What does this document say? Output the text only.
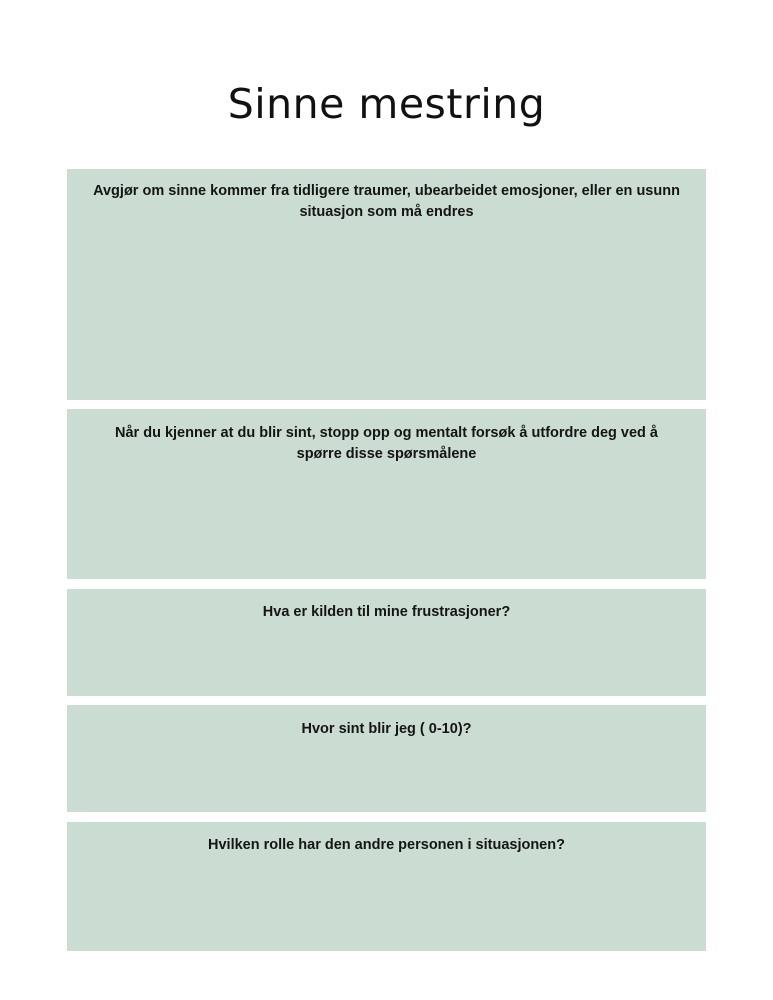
Sinne mestring
Avgjør om sinne kommer fra tidligere traumer, ubearbeidet emosjoner, eller en usunn situasjon som må endres
Når du kjenner at du blir sint, stopp opp og mentalt forsøk å utfordre deg ved å spørre disse spørsmålene
Hva er kilden til mine frustrasjoner?
Hvor sint blir jeg ( 0-10)?
Hvilken rolle har den andre personen i situasjonen?
